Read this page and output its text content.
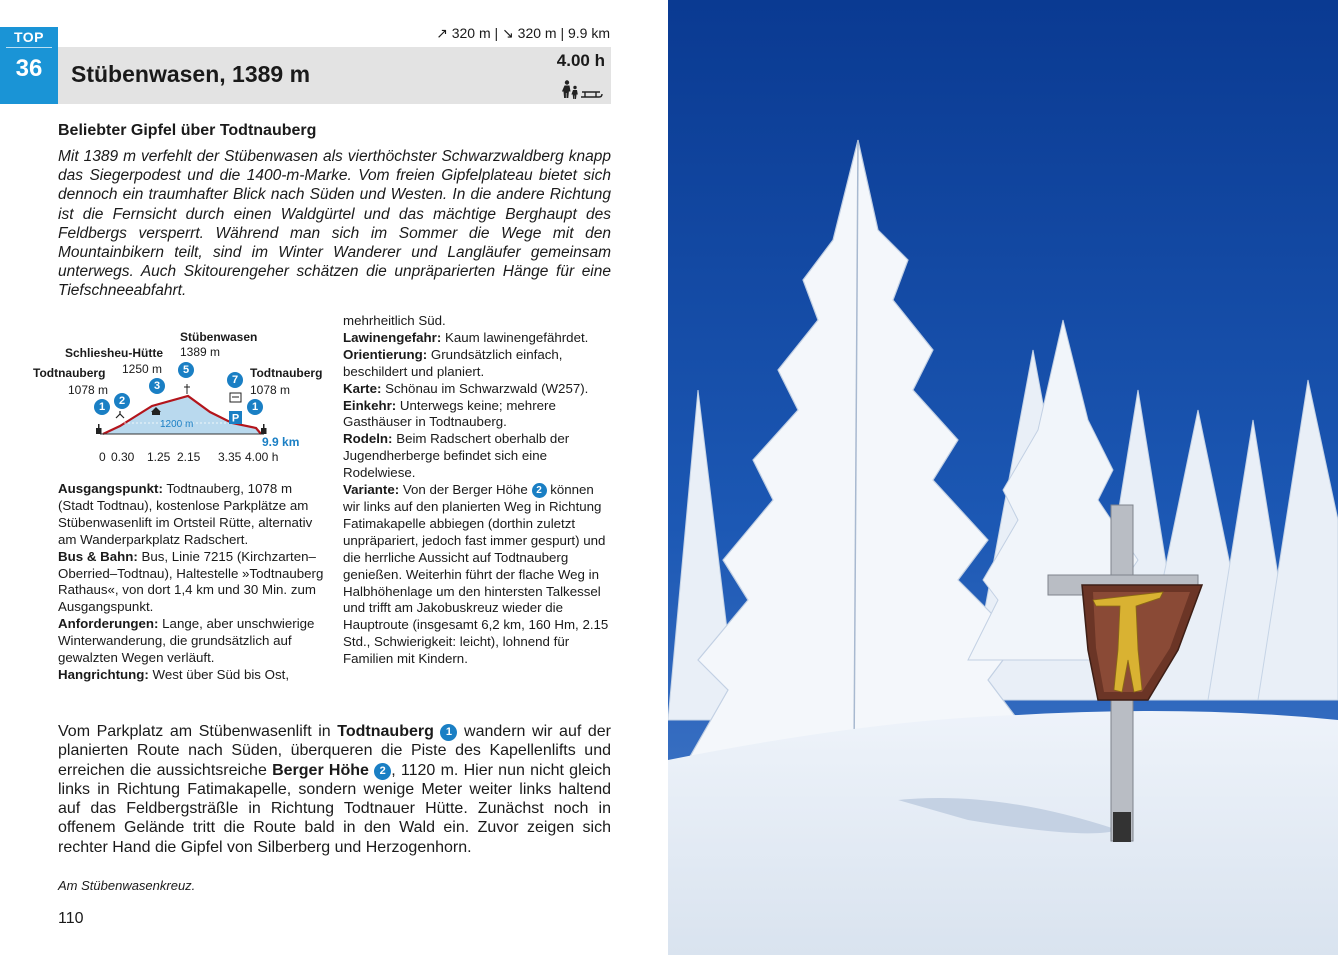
TOP
36
↗ 320 m | ↘ 320 m | 9.9 km
Stübenwasen, 1389 m
4.00 h
Beliebter Gipfel über Todtnauberg

Mit 1389 m verfehlt der Stübenwasen als vierthöchster Schwarzwaldberg knapp das Siegerpodest und die 1400-m-Marke. Vom freien Gipfelplateau bietet sich dennoch ein traumhafter Blick nach Süden und Westen. In die andere Richtung ist die Fernsicht durch einen Waldgürtel und das mächtige Berghaupt des Feldbergs versperrt. Während man sich im Sommer die Wege mit den Mountainbikern teilt, sind im Winter Wanderer und Langläufer gemeinsam unterwegs. Auch Skitourengeher schätzen die unpräparierten Hänge für eine Tiefschneeabfahrt.

P
Stübenwasen
1389 m
Schliesheu-Hütte
1250 m
Todtnauberg
1078 m
Todtnauberg
1078 m
1200 m
9.9 km
1	2
3
5
7
1
0 0.30 1.25 2.15 3.35 4.00 h
Ausgangspunkt: Todtnauberg, 1078 m (Stadt Todtnau), kostenlose Parkplätze am Stübenwasenlift im Ortsteil Rütte, alternativ am Wanderparkplatz Radschert.
Bus & Bahn: Bus, Linie 7215 (Kirchzarten–Oberried–Todtnau), Haltestelle »Todtnauberg Rathaus«, von dort 1,4 km und 30 Min. zum Ausgangspunkt.
Anforderungen: Lange, aber unschwierige Winterwanderung, die grundsätzlich auf gewalzten Wegen verläuft.
Hangrichtung: West über Süd bis Ost,
mehrheitlich Süd.
Lawinengefahr: Kaum lawinengefährdet.
Orientierung: Grundsätzlich einfach, beschildert und planiert.
Karte: Schönau im Schwarzwald (W257).
Einkehr: Unterwegs keine; mehrere Gasthäuser in Todtnauberg.
Rodeln: Beim Radschert oberhalb der Jugendherberge befindet sich eine Rodelwiese.
Variante: Von der Berger Höhe 2 können wir links auf den planierten Weg in Richtung Fatimakapelle abbiegen (dorthin zuletzt unpräpariert, jedoch fast immer gespurt) und die herrliche Aussicht auf Todtnauberg genießen. Weiterhin führt der flache Weg in Halbhöhenlage um den hintersten Talkessel und trifft am Jakobuskreuz wieder die Hauptroute (insgesamt 6,2 km, 160 Hm, 2.15 Std., Schwierigkeit: leicht), lohnend für Familien mit Kindern.

Vom Parkplatz am Stübenwasenlift in Todtnauberg 1 wandern wir auf der planierten Route nach Süden, überqueren die Piste des Kapellenlifts und erreichen die aussichtsreiche Berger Höhe 2 , 1120 m. Hier nun nicht gleich links in Richtung Fatimakapelle, sondern wenige Meter weiter links haltend auf das Feldbergsträßle in Richtung Todtnauer Hütte. Zunächst noch in offenem Gelände tritt die Route bald in den Wald ein. Zuvor zeigen sich rechter Hand die Gipfel von Silberberg und Herzogenhorn.

Am Stübenwasenkreuz.
110
